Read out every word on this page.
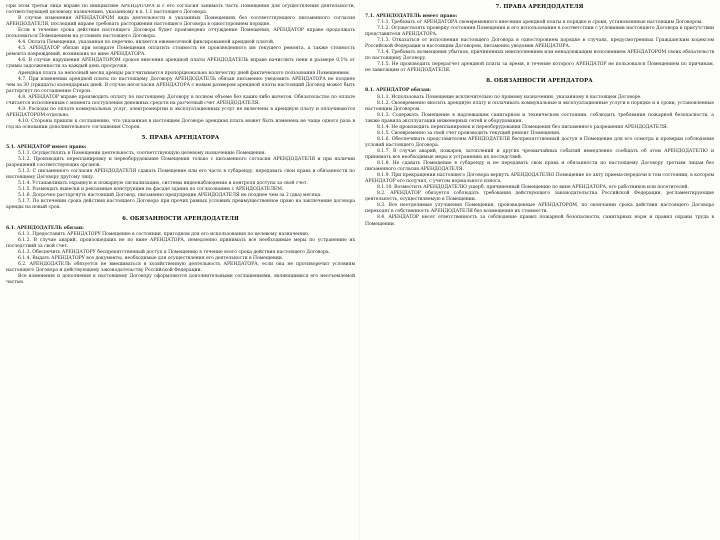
При этом третьи лица вправе по инициативе АРЕНДАТОРА и с его согласия занимать часть Помещения для осуществления деятельности, соответствующей целевому назначению, указанному в п. 1.1 настоящего Договора.

В случае изменения АРЕНДАТОРОМ вида деятельности в указанных Помещениях без соответствующего письменного согласия АРЕНДОДАТЕЛЯ, последний вправе требовать расторжения настоящего Договора в одностороннем порядке.

Если в течение срока действия настоящего Договора будет произведено отчуждение Помещения, АРЕНДАТОР вправе продолжать пользоваться Помещением на условиях настоящего Договора.

4.4. Оплата Помещения, указанная по перечню, является ежемесячной фиксированной арендной платой.

4.5. АРЕНДАТОР обязан при возврате Помещения оплатить стоимость не произведенного им текущего ремонта, а также стоимость ремонта повреждений, возникших по вине АРЕНДАТОРА.

4.6. В случае нарушения АРЕНДАТОРОМ сроков внесения арендной платы АРЕНДОДАТЕЛЬ вправе начислить пени в размере 0,1% от суммы задолженности за каждый день просрочки.

Арендная плата за неполный месяц аренды рассчитывается пропорционально количеству дней фактического пользования Помещением.

4.7. При изменении арендной платы по настоящему Договору АРЕНДОДАТЕЛЬ обязан письменно уведомить АРЕНДАТОРА не позднее чем за 30 (тридцать) календарных дней. В случае несогласия АРЕНДАТОРА с новым размером арендной платы настоящий Договор может быть расторгнут по соглашению Сторон.

4.8. АРЕНДАТОР вправе производить оплату по настоящему Договору в полном объеме без каких-либо вычетов. Обязательство по оплате считается исполненным с момента поступления денежных средств на расчетный счет АРЕНДОДАТЕЛЯ.

4.9. Расходы по оплате коммунальных услуг, электроэнергии и эксплуатационных услуг не включены в арендную плату и оплачиваются АРЕНДАТОРОМ отдельно.

4.10. Стороны пришли к соглашению, что указанная в настоящем Договоре арендная плата может быть изменена не чаще одного раза в год на основании дополнительного соглашения Сторон.

5. ПРАВА АРЕНДАТОРА

5.1. АРЕНДАТОР имеет право:

5.1.1. Осуществлять в Помещении деятельность, соответствующую целевому назначению Помещения.

5.1.2. Производить перепланировку и переоборудование Помещения только с письменного согласия АРЕНДОДАТЕЛЯ и при наличии разрешений соответствующих органов.

5.1.3. С письменного согласия АРЕНДОДАТЕЛЯ сдавать Помещение или его часть в субаренду, передавать свои права и обязанности по настоящему Договору другому лицу.

5.1.4. Устанавливать охранную и пожарную сигнализацию, системы видеонаблюдения и контроля доступа за свой счет.

5.1.5. Размещать вывески и рекламные конструкции на фасаде здания по согласованию с АРЕНДОДАТЕЛЕМ.

5.1.6. Досрочно расторгнуть настоящий Договор, письменно предупредив АРЕНДОДАТЕЛЯ не позднее чем за 2 (два) месяца.

5.1.7. По истечении срока действия настоящего Договора при прочих равных условиях преимущественное право на заключение договора аренды на новый срок.

6. ОБЯЗАННОСТИ АРЕНДОДАТЕЛЯ

6.1. АРЕНДОДАТЕЛЬ обязан:

6.1.1. Предоставить АРЕНДАТОРУ Помещение в состоянии, пригодном для его использования по целевому назначению.

6.1.2. В случае аварий, произошедших не по вине АРЕНДАТОРА, немедленно принимать все необходимые меры по устранению их последствий за свой счет.

6.1.3. Обеспечить АРЕНДАТОРУ беспрепятственный доступ к Помещению в течение всего срока действия настоящего Договора.

6.1.4. Выдать АРЕНДАТОРУ все документы, необходимые для осуществления его деятельности в Помещении.

6.2. АРЕНДОДАТЕЛЬ обязуется не вмешиваться в хозяйственную деятельность АРЕНДАТОРА, если она не противоречит условиям настоящего Договора и действующему законодательству Российской Федерации.

Все изменения и дополнения к настоящему Договору оформляются дополнительными соглашениями, являющимися его неотъемлемой частью.

7. ПРАВА АРЕНДОДАТЕЛЯ

7.1. АРЕНДОДАТЕЛЬ имеет право:

7.1.1. Требовать от АРЕНДАТОРА своевременного внесения арендной платы в порядке и сроки, установленные настоящим Договором.

7.1.2. Осуществлять проверку состояния Помещения и его использования в соответствии с условиями настоящего Договора в присутствии представителя АРЕНДАТОРА.

7.1.3. Отказаться от исполнения настоящего Договора в одностороннем порядке в случаях, предусмотренных Гражданским кодексом Российской Федерации и настоящим Договором, письменно уведомив АРЕНДАТОРА.

7.1.4. Требовать возмещения убытков, причиненных неисполнением или ненадлежащим исполнением АРЕНДАТОРОМ своих обязательств по настоящему Договору.

7.1.5. Не производить перерасчет арендной платы за время, в течение которого АРЕНДАТОР не пользовался Помещением по причинам, не зависящим от АРЕНДОДАТЕЛЯ.

8. ОБЯЗАННОСТИ АРЕНДАТОРА

8.1. АРЕНДАТОР обязан:

8.1.1. Использовать Помещение исключительно по прямому назначению, указанному в настоящем Договоре.

8.1.2. Своевременно вносить арендную плату и оплачивать коммунальные и эксплуатационные услуги в порядке и в сроки, установленные настоящим Договором.

8.1.3. Содержать Помещение в надлежащем санитарном и техническом состоянии, соблюдать требования пожарной безопасности, а также правила эксплуатации инженерных сетей и оборудования.

8.1.4. Не производить перепланировок и переоборудования Помещения без письменного разрешения АРЕНДОДАТЕЛЯ.

8.1.5. Своевременно за свой счет производить текущий ремонт Помещения.

8.1.6. Обеспечивать представителям АРЕНДОДАТЕЛЯ беспрепятственный доступ в Помещение для его осмотра и проверки соблюдения условий настоящего Договора.

8.1.7. В случае аварий, пожаров, затоплений и других чрезвычайных событий немедленно сообщать об этом АРЕНДОДАТЕЛЮ и принимать все необходимые меры к устранению их последствий.

8.1.8. Не сдавать Помещение в субаренду и не передавать свои права и обязанности по настоящему Договору третьим лицам без письменного согласия АРЕНДОДАТЕЛЯ.

8.1.9. При прекращении настоящего Договора вернуть АРЕНДОДАТЕЛЮ Помещение по акту приема-передачи в том состоянии, в котором АРЕНДАТОР его получил, с учетом нормального износа.

8.1.10. Возместить АРЕНДОДАТЕЛЮ ущерб, причиненный Помещению по вине АРЕНДАТОРА, его работников или посетителей.

8.2. АРЕНДАТОР обязуется соблюдать требования действующего законодательства Российской Федерации, регламентирующие деятельность, осуществляемую в Помещении.

8.3. Все неотделимые улучшения Помещения, произведенные АРЕНДАТОРОМ, по окончании срока действия настоящего Договора переходят в собственность АРЕНДОДАТЕЛЯ без возмещения их стоимости.

8.4. АРЕНДАТОР несет ответственность за соблюдение правил пожарной безопасности, санитарных норм и правил охраны труда в Помещении.
